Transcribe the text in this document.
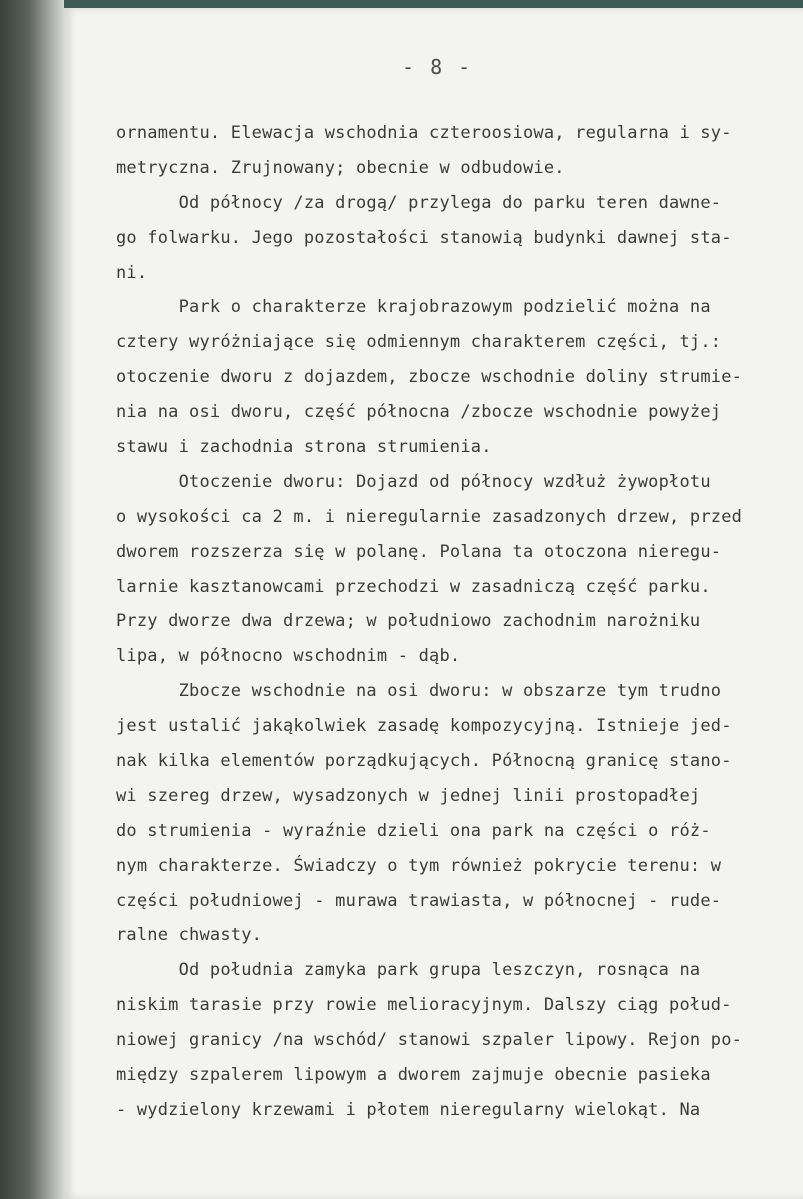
- 8 -
ornamentu. Elewacja wschodnia czteroosiowa, regularna i sy-
metryczna. Zrujnowany; obecnie w odbudowie.
Od północy /za drogą/ przylega do parku teren dawne-
go folwarku. Jego pozostałości stanowią budynki dawnej sta-
ni.
Park o charakterze krajobrazowym podzielić można na
cztery wyróżniające się odmiennym charakterem części, tj.:
otoczenie dworu z dojazdem, zbocze wschodnie doliny strumie-
nia na osi dworu, część północna /zbocze wschodnie powyżej
stawu i zachodnia strona strumienia.
Otoczenie dworu: Dojazd od północy wzdłuż żywopłotu
o wysokości ca 2 m. i nieregularnie zasadzonych drzew, przed
dworem rozszerza się w polanę. Polana ta otoczona nieregu-
larnie kasztanowcami przechodzi w zasadniczą część parku.
Przy dworze dwa drzewa; w południowo zachodnim narożniku
lipa, w północno wschodnim - dąb.
Zbocze wschodnie na osi dworu: w obszarze tym trudno
jest ustalić jakąkolwiek zasadę kompozycyjną. Istnieje jed-
nak kilka elementów porządkujących. Północną granicę stano-
wi szereg drzew, wysadzonych w jednej linii prostopadłej
do strumienia - wyraźnie dzieli ona park na części o róż-
nym charakterze. Świadczy o tym również pokrycie terenu: w
części południowej - murawa trawiasta, w północnej - rude-
ralne chwasty.
Od południa zamyka park grupa leszczyn, rosnąca na
niskim tarasie przy rowie melioracyjnym. Dalszy ciąg połud-
niowej granicy /na wschód/ stanowi szpaler lipowy. Rejon po-
między szpalerem lipowym a dworem zajmuje obecnie pasieka
- wydzielony krzewami i płotem nieregularny wielokąt. Na
